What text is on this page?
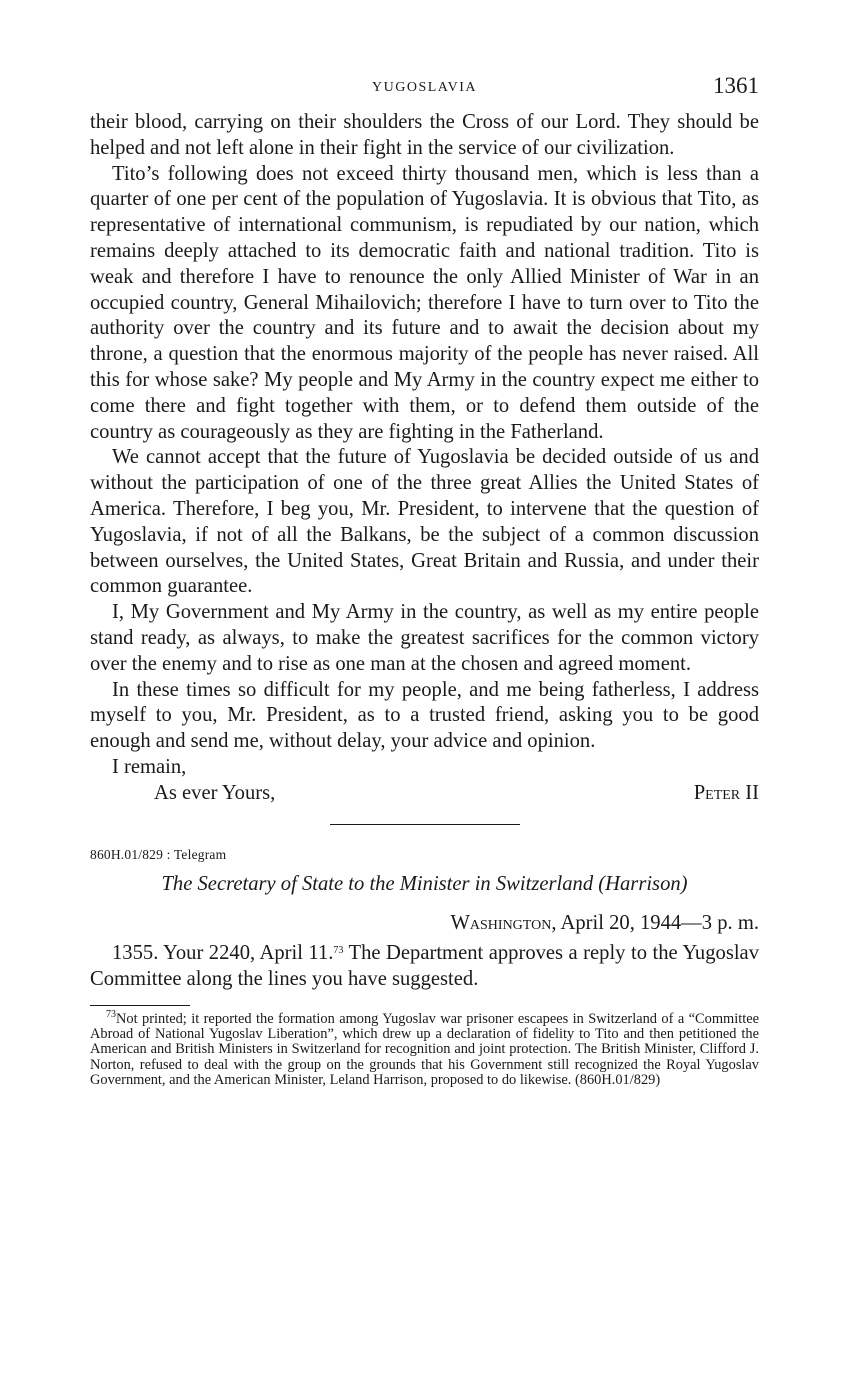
YUGOSLAVIA	1361

their blood, carrying on their shoulders the Cross of our Lord. They should be helped and not left alone in their fight in the service of our civilization.

Tito’s following does not exceed thirty thousand men, which is less than a quarter of one per cent of the population of Yugoslavia. It is obvious that Tito, as representative of international communism, is repudiated by our nation, which remains deeply attached to its democratic faith and national tradition. Tito is weak and therefore I have to renounce the only Allied Minister of War in an occupied country, General Mihailovich; therefore I have to turn over to Tito the authority over the country and its future and to await the decision about my throne, a question that the enormous majority of the people has never raised. All this for whose sake? My people and My Army in the country expect me either to come there and fight together with them, or to defend them outside of the country as courageously as they are fighting in the Fatherland.

We cannot accept that the future of Yugoslavia be decided outside of us and without the participation of one of the three great Allies the United States of America. Therefore, I beg you, Mr. President, to intervene that the question of Yugoslavia, if not of all the Balkans, be the subject of a common discussion between ourselves, the United States, Great Britain and Russia, and under their common guarantee.

I, My Government and My Army in the country, as well as my entire people stand ready, as always, to make the greatest sacrifices for the common victory over the enemy and to rise as one man at the chosen and agreed moment.

In these times so difficult for my people, and me being fatherless, I address myself to you, Mr. President, as to a trusted friend, asking you to be good enough and send me, without delay, your advice and opinion.

I remain,
As ever Yours,	Peter II
860H.01/829 : Telegram
The Secretary of State to the Minister in Switzerland (Harrison)
Washington, April 20, 1944—3 p. m.

1355. Your 2240, April 11.73 The Department approves a reply to the Yugoslav Committee along the lines you have suggested.

$^{73}$Not printed; it reported the formation among Yugoslav war prisoner escapees in Switzerland of a “Committee Abroad of National Yugoslav Liberation”, which drew up a declaration of fidelity to Tito and then petitioned the American and British Ministers in Switzerland for recognition and joint protection. The British Minister, Clifford J. Norton, refused to deal with the group on the grounds that his Government still recognized the Royal Yugoslav Government, and the American Minister, Leland Harrison, proposed to do likewise. (860H.01/829)
